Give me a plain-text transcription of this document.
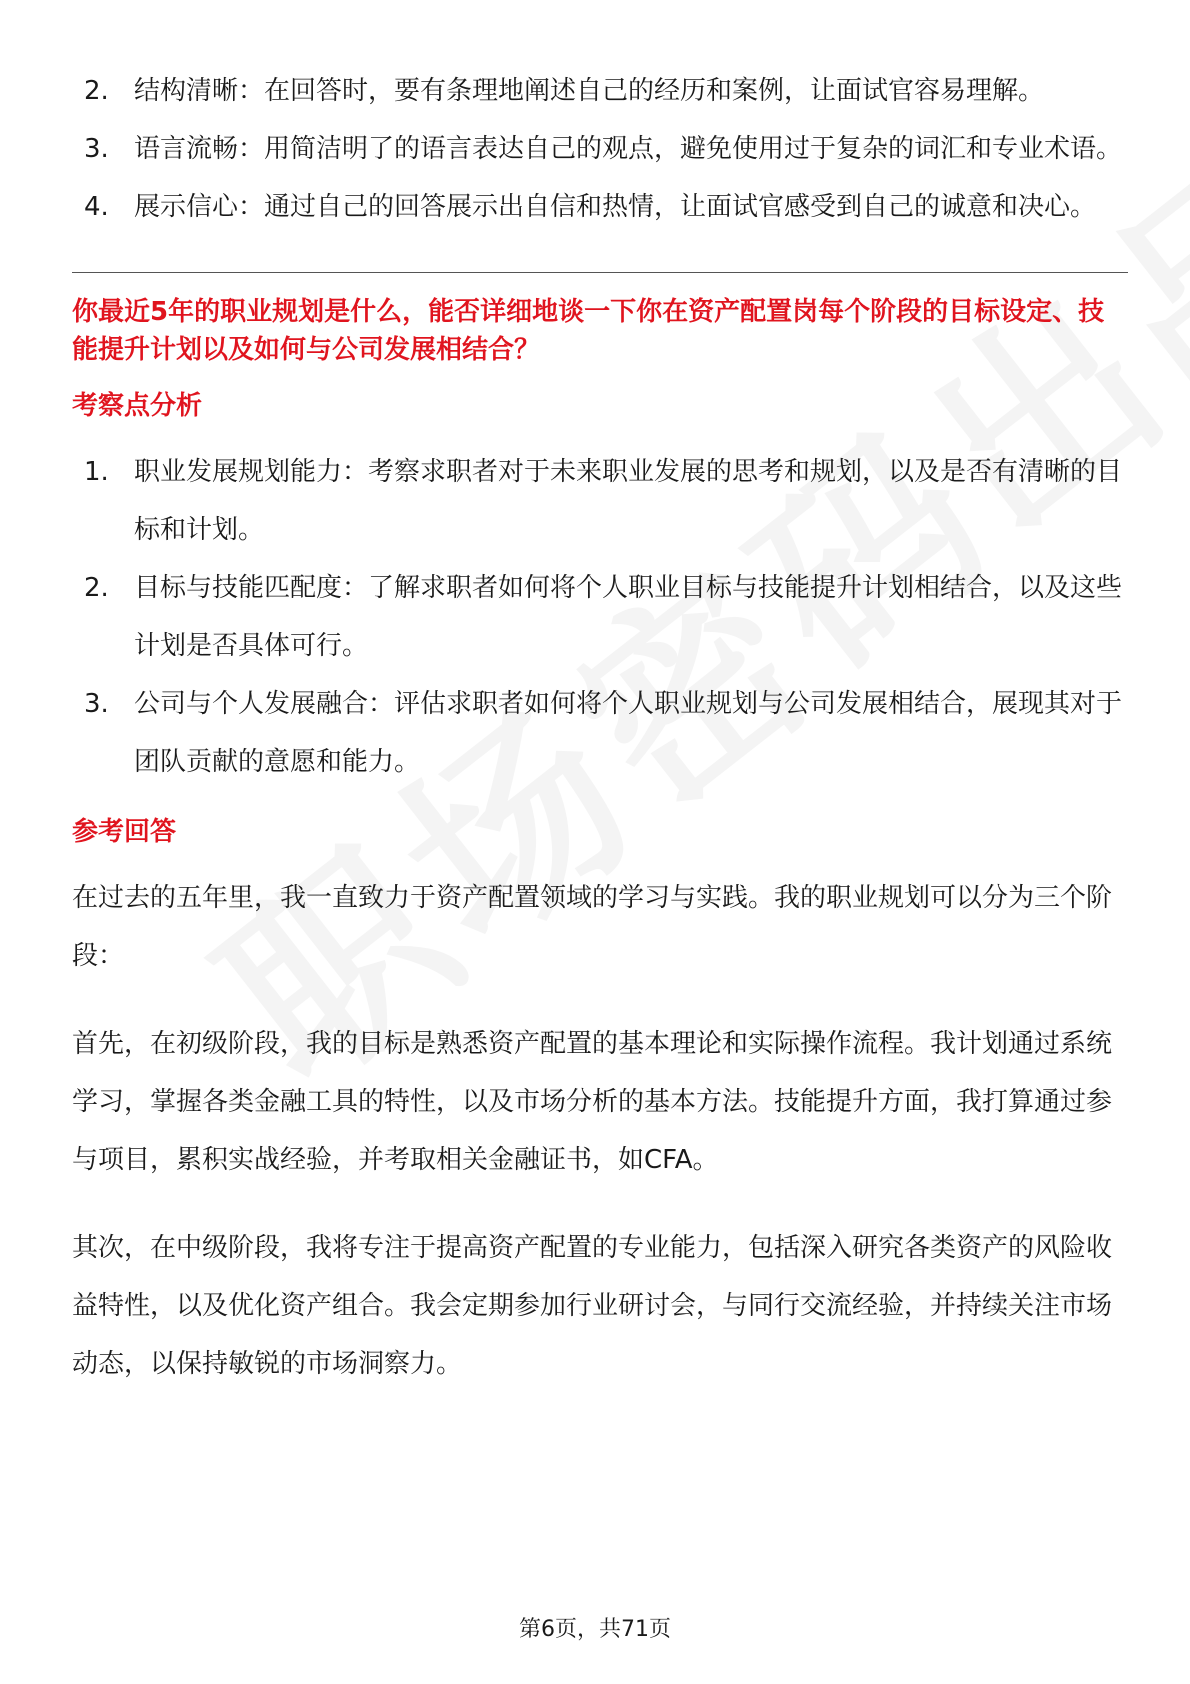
2. 结构清晰：在回答时，要有条理地阐述自己的经历和案例，让面试官容易理解。
3. 语言流畅：用简洁明了的语言表达自己的观点，避免使用过于复杂的词汇和专业术语。
4. 展示信心：通过自己的回答展示出自信和热情，让面试官感受到自己的诚意和决心。

你最近5年的职业规划是什么，能否详细地谈一下你在资产配置岗每个阶段的目标设定、技能提升计划以及如何与公司发展相结合？

考察点分析
1. 职业发展规划能力：考察求职者对于未来职业发展的思考和规划，以及是否有清晰的目标和计划。
2. 目标与技能匹配度：了解求职者如何将个人职业目标与技能提升计划相结合，以及这些计划是否具体可行。
3. 公司与个人发展融合：评估求职者如何将个人职业规划与公司发展相结合，展现其对于团队贡献的意愿和能力。
参考回答

在过去的五年里，我一直致力于资产配置领域的学习与实践。我的职业规划可以分为三个阶段：

首先，在初级阶段，我的目标是熟悉资产配置的基本理论和实际操作流程。我计划通过系统学习，掌握各类金融工具的特性，以及市场分析的基本方法。技能提升方面，我打算通过参与项目，累积实战经验，并考取相关金融证书，如CFA。

其次，在中级阶段，我将专注于提高资产配置的专业能力，包括深入研究各类资产的风险收益特性，以及优化资产组合。我会定期参加行业研讨会，与同行交流经验，并持续关注市场动态，以保持敏锐的市场洞察力。

第6页，共71页
